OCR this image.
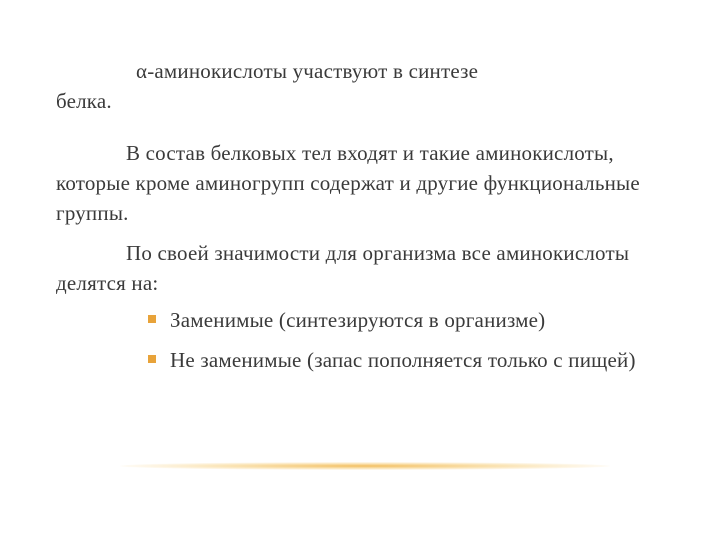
α-аминокислоты участвуют в синтезе
белка.
В состав белковых тел входят и такие аминокислоты, которые кроме аминогрупп содержат и другие функциональные группы.
По своей значимости для организма все аминокислоты делятся на:
Заменимые (синтезируются в организме)
Не заменимые (запас пополняется только с пищей)
